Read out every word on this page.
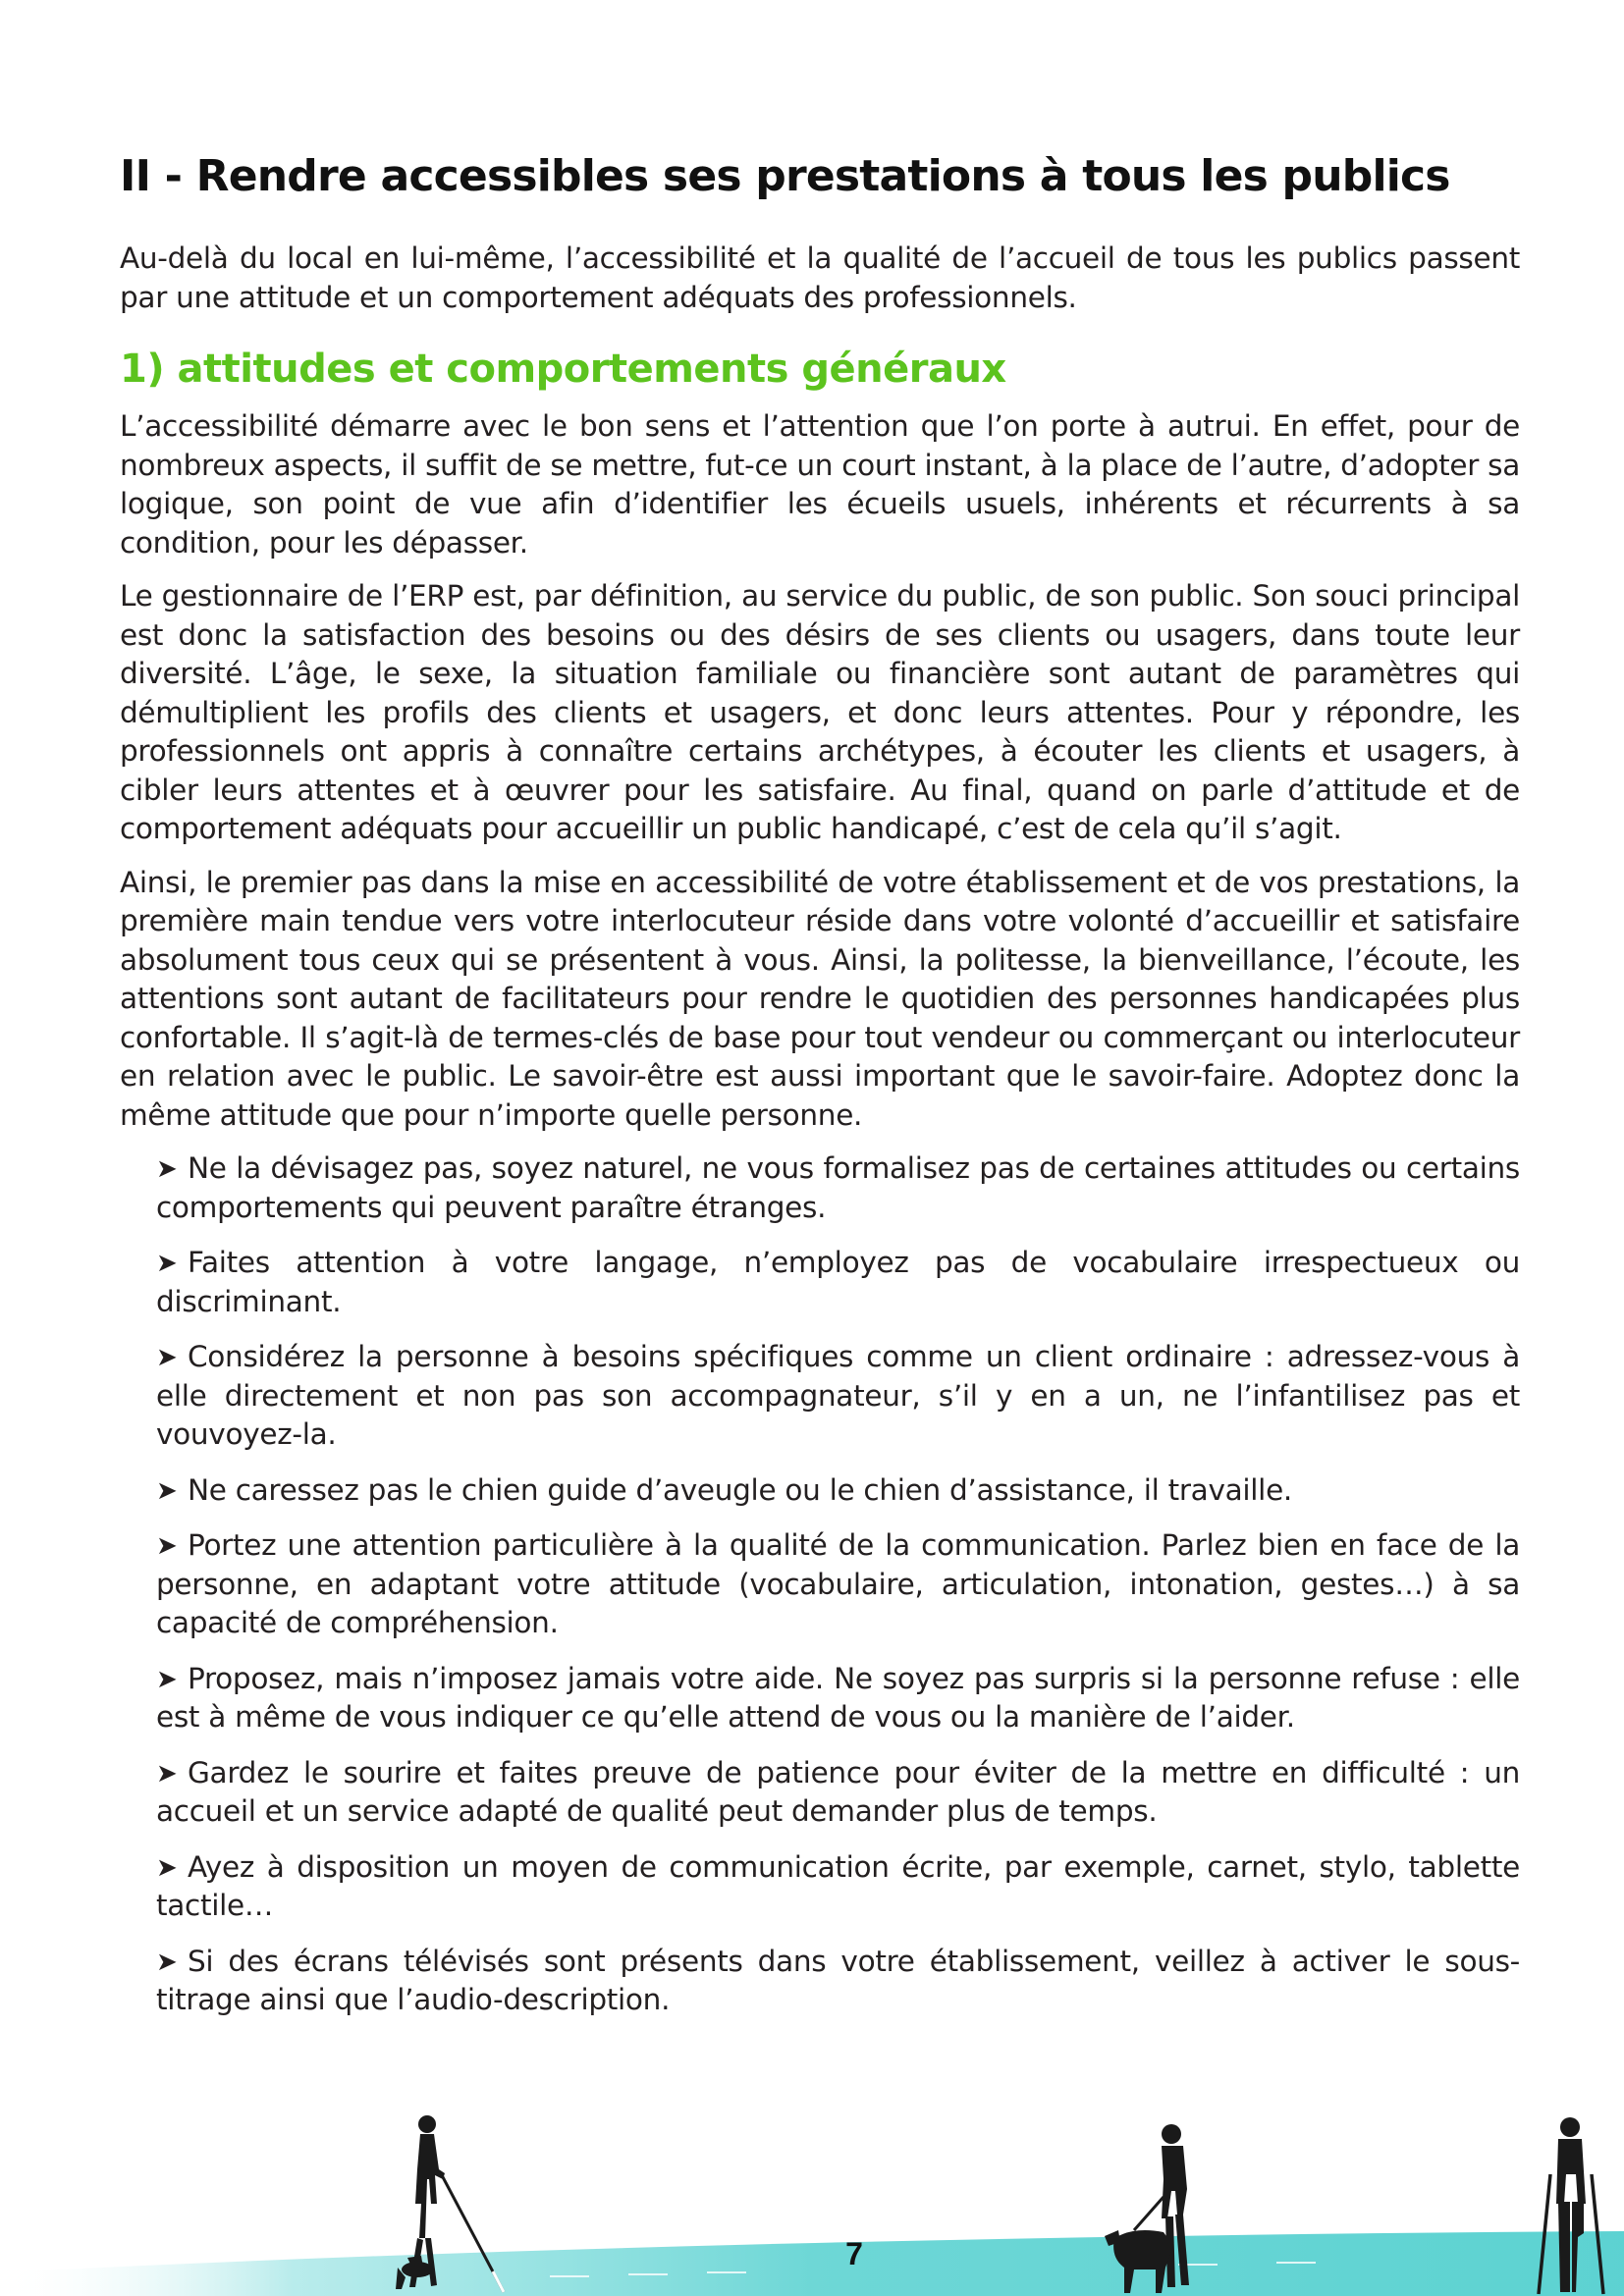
II - Rendre accessibles ses prestations à tous les publics

Au-delà du local en lui-même, l’accessibilité et la qualité de l’accueil de tous les publics passent par une attitude et un comportement adéquats des professionnels.

1) attitudes et comportements généraux

L’accessibilité démarre avec le bon sens et l’attention que l’on porte à autrui. En effet, pour de nombreux aspects, il suffit de se mettre, fut-ce un court instant, à la place de l’autre, d’adopter sa logique, son point de vue afin d’identifier les écueils usuels, inhérents et récurrents à sa condition, pour les dépasser.

Le gestionnaire de l’ERP est, par définition, au service du public, de son public. Son souci principal est donc la satisfaction des besoins ou des désirs de ses clients ou usagers, dans toute leur diversité. L’âge, le sexe, la situation familiale ou financière sont autant de paramètres qui démultiplient les profils des clients et usagers, et donc leurs attentes. Pour y répondre, les professionnels ont appris à connaître certains archétypes, à écouter les clients et usagers, à cibler leurs attentes et à œuvrer pour les satisfaire. Au final, quand on parle d’attitude et de comportement adéquats pour accueillir un public handicapé, c’est de cela qu’il s’agit.

Ainsi, le premier pas dans la mise en accessibilité de votre établissement et de vos prestations, la première main tendue vers votre interlocuteur réside dans votre volonté d’accueillir et satisfaire absolument tous ceux qui se présentent à vous. Ainsi, la politesse, la bienveillance, l’écoute, les attentions sont autant de facilitateurs pour rendre le quotidien des personnes handicapées plus confortable. Il s’agit-là de termes-clés de base pour tout vendeur ou commerçant ou interlocuteur en relation avec le public. Le savoir-être est aussi important que le savoir-faire. Adoptez donc la même attitude que pour n’importe quelle personne.

➤ Ne la dévisagez pas, soyez naturel, ne vous formalisez pas de certaines attitudes ou certains comportements qui peuvent paraître étranges.
➤ Faites attention à votre langage, n’employez pas de vocabulaire irrespectueux ou discriminant.
➤ Considérez la personne à besoins spécifiques comme un client ordinaire : adressez-vous à elle directement et non pas son accompagnateur, s’il y en a un, ne l’infantilisez pas et vouvoyez-la.
➤ Ne caressez pas le chien guide d’aveugle ou le chien d’assistance, il travaille.
➤ Portez une attention particulière à la qualité de la communication. Parlez bien en face de la personne, en adaptant votre attitude (vocabulaire, articulation, intonation, gestes…) à sa capacité de compréhension.
➤ Proposez, mais n’imposez jamais votre aide. Ne soyez pas surpris si la personne refuse : elle est à même de vous indiquer ce qu’elle attend de vous ou la manière de l’aider.
➤ Gardez le sourire et faites preuve de patience pour éviter de la mettre en difficulté : un accueil et un service adapté de qualité peut demander plus de temps.
➤ Ayez à disposition un moyen de communication écrite, par exemple, carnet, stylo, tablette tactile…
➤ Si des écrans télévisés sont présents dans votre établissement, veillez à activer le sous-titrage ainsi que l’audio-description.
7
